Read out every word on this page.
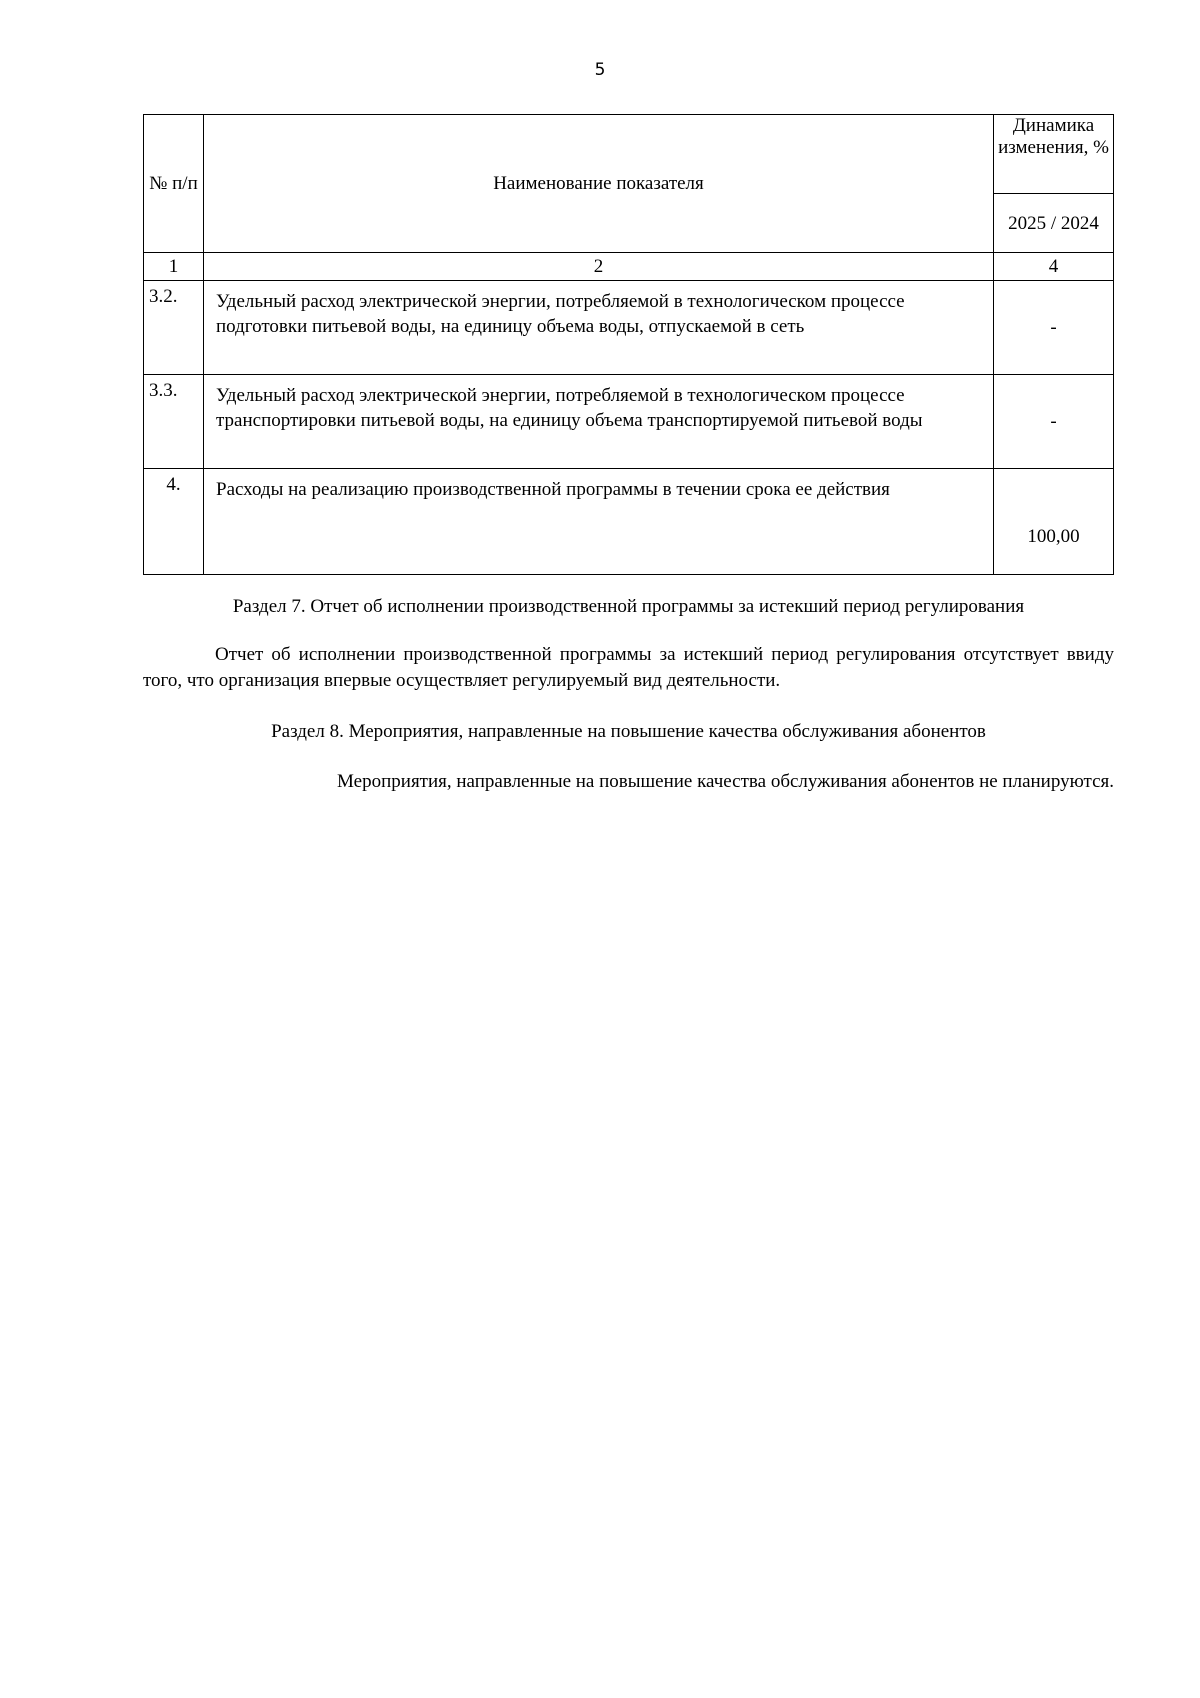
5
№ п/п	Наименование показателя	Динамика изменения, %
		2025 / 2024
1	2	4
3.2.	Удельный расход электрической энергии, потребляемой в технологическом процессе подготовки питьевой воды, на единицу объема воды, отпускаемой в сеть	-
3.3.	Удельный расход электрической энергии, потребляемой в технологическом процессе транспортировки питьевой воды, на единицу объема транспортируемой питьевой воды	-
4.	Расходы на реализацию производственной программы в течении срока ее действия	100,00
Раздел 7. Отчет об исполнении производственной программы за истекший период регулирования
Отчет об исполнении производственной программы за истекший период регулирования отсутствует ввиду того, что организация впервые осуществляет регулируемый вид деятельности.
Раздел 8. Мероприятия, направленные на повышение качества обслуживания абонентов
Мероприятия, направленные на повышение качества обслуживания абонентов не планируются.
